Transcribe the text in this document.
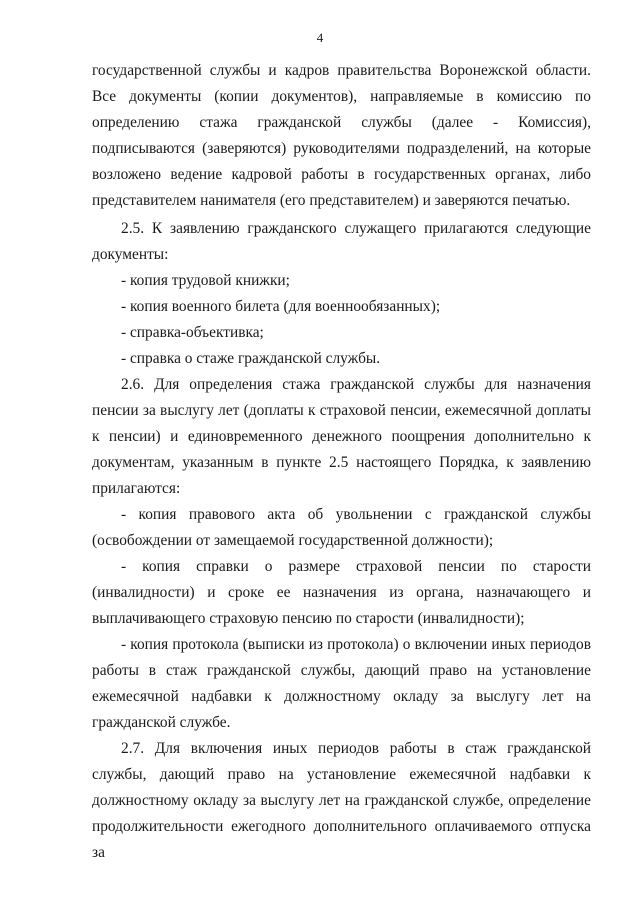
4

государственной службы и кадров правительства Воронежской области. Все документы (копии документов), направляемые в комиссию по определению стажа гражданской службы (далее - Комиссия), подписываются (заверяются) руководителями подразделений, на которые возложено ведение кадровой работы в государственных органах, либо представителем нанимателя (его представителем) и заверяются печатью.

2.5. К заявлению гражданского служащего прилагаются следующие документы:

- копия трудовой книжки;

- копия военного билета (для военнообязанных);

- справка-объективка;

- справка о стаже гражданской службы.

2.6. Для определения стажа гражданской службы для назначения пенсии за выслугу лет (доплаты к страховой пенсии, ежемесячной доплаты к пенсии) и единовременного денежного поощрения дополнительно к документам, указанным в пункте 2.5 настоящего Порядка, к заявлению прилагаются:

- копия правового акта об увольнении с гражданской службы (освобождении от замещаемой государственной должности);

- копия справки о размере страховой пенсии по старости (инвалидности) и сроке ее назначения из органа, назначающего и выплачивающего страховую пенсию по старости (инвалидности);

- копия протокола (выписки из протокола) о включении иных периодов работы в стаж гражданской службы, дающий право на установление ежемесячной надбавки к должностному окладу за выслугу лет на гражданской службе.

2.7. Для включения иных периодов работы в стаж гражданской службы, дающий право на установление ежемесячной надбавки к должностному окладу за выслугу лет на гражданской службе, определение продолжительности ежегодного дополнительного оплачиваемого отпуска за
